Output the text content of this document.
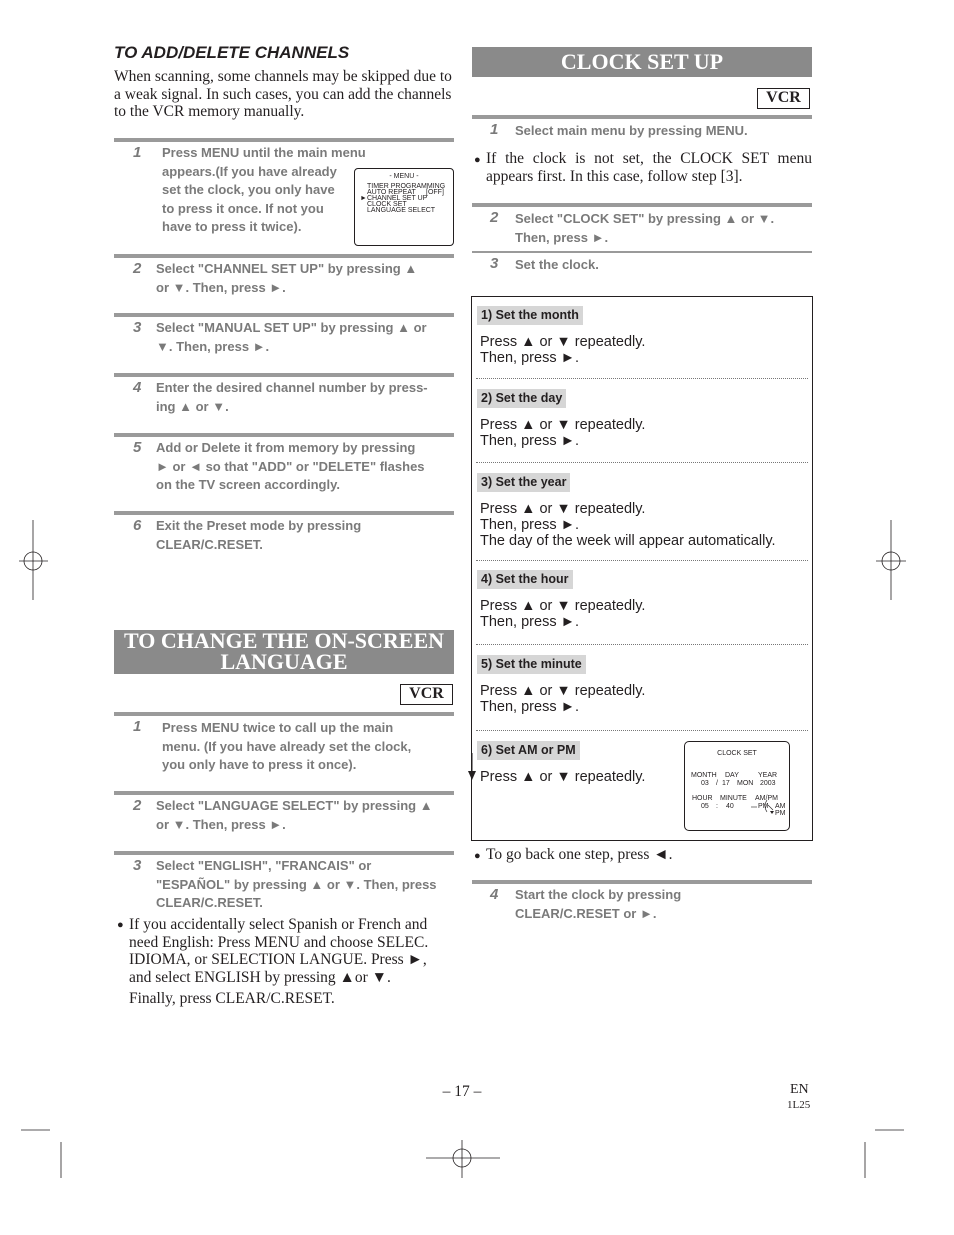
TO ADD/DELETE CHANNELS
When scanning, some channels may be skipped due to
a weak signal. In such cases, you can add the channels
to the VCR memory manually.
1 Press MENU until the main menu
appears.(If you have already
set the clock, you only have
to press it once. If not you
have to press it twice).
- MENU -
TIMER PROGRAMMING
AUTO REPEAT [OFF]
► CHANNEL SET UP
CLOCK SET
LANGUAGE SELECT
2 Select "CHANNEL SET UP" by pressing ▲
or ▼. Then, press ►.
3 Select "MANUAL SET UP" by pressing ▲ or
▼. Then, press ►.
4 Enter the desired channel number by press-
ing ▲ or ▼.
5 Add or Delete it from memory by pressing
► or ◄ so that "ADD" or "DELETE" flashes
on the TV screen accordingly.
6 Exit the Preset mode by pressing
CLEAR/C.RESET.
TO CHANGE THE ON-SCREEN
LANGUAGE
VCR
1 Press MENU twice to call up the main
menu. (If you have already set the clock,
you only have to press it once).
2 Select "LANGUAGE SELECT" by pressing ▲
or ▼. Then, press ►.
3 Select "ENGLISH", "FRANCAIS" or
"ESPAÑOL" by pressing ▲ or ▼. Then, press
CLEAR/C.RESET.
● If you accidentally select Spanish or French and
need English: Press MENU and choose SELEC.
IDIOMA, or SELECTION LANGUE. Press ►,
and select ENGLISH by pressing ▲or ▼.
Finally, press CLEAR/C.RESET.
CLOCK SET UP
VCR
1 Select main menu by pressing MENU.
● If the clock is not set, the CLOCK SET menu
appears first. In this case, follow step [3].
2 Select "CLOCK SET" by pressing ▲ or ▼.
Then, press ►.
3 Set the clock.
1) Set the month
Press ▲ or ▼ repeatedly.
Then, press ►.
2) Set the day
Press ▲ or ▼ repeatedly.
Then, press ►.
3) Set the year
Press ▲ or ▼ repeatedly.
Then, press ►.
The day of the week will appear automatically.
4) Set the hour
Press ▲ or ▼ repeatedly.
Then, press ►.
5) Set the minute
Press ▲ or ▼ repeatedly.
Then, press ►.
6) Set AM or PM
Press ▲ or ▼ repeatedly.
CLOCK SET
MONTH DAY	YEAR
03 / 17 MON 2003
HOUR MINUTE AM/PM
05 : 40	PM AM
PM
● To go back one step, press ◄.
4 Start the clock by pressing
CLEAR/C.RESET or ►.
– 17 –	EN
1L25
